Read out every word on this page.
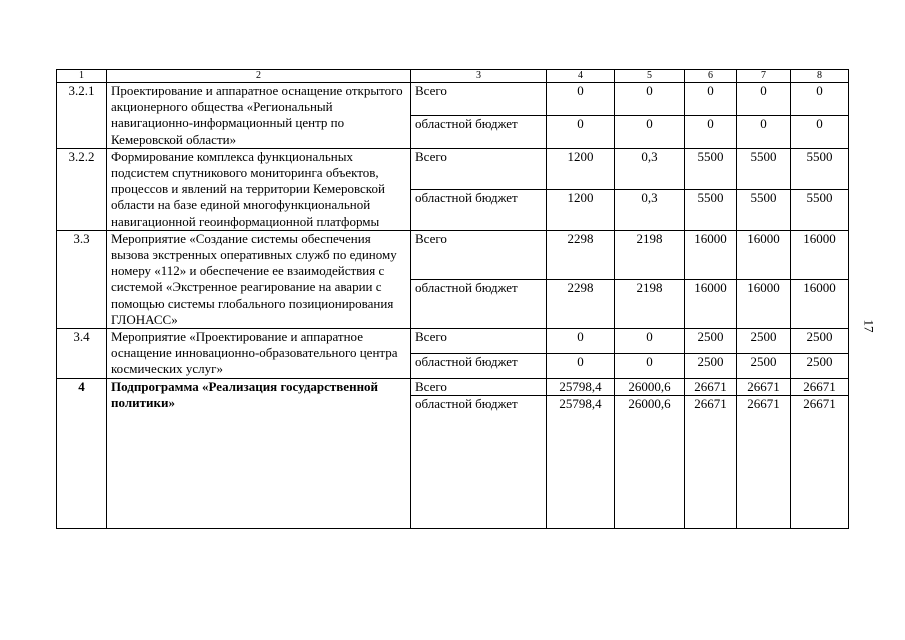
17
1	2	3	4	5	6	7	8
3.2.1	Проектирование и аппаратное оснащение открытого акционерного общества «Региональный навигационно-информационный центр по Кемеровской области»	Всего	0	0	0	0	0
		областной бюджет	0	0	0	0	0
3.2.2	Формирование комплекса функциональных подсистем спутникового мониторинга объектов, процессов и явлений на территории Кемеровской области на базе единой многофункциональной навигационной геоинформационной платформы	Всего	1200	0,3	5500	5500	5500
		областной бюджет	1200	0,3	5500	5500	5500
3.3	Мероприятие «Создание системы обеспечения вызова экстренных оперативных служб по единому номеру «112» и обеспечение ее взаимодействия с системой «Экстренное реагирование на аварии с помощью системы глобального позиционирования ГЛОНАСС»	Всего	2298	2198	16000	16000	16000
		областной бюджет	2298	2198	16000	16000	16000
3.4	Мероприятие «Проектирование и аппаратное оснащение инновационно-образовательного центра космических услуг»	Всего	0	0	2500	2500	2500
		областной бюджет	0	0	2500	2500	2500
4	Подпрограмма «Реализация государственной политики»	Всего	25798,4	26000,6	26671	26671	26671
		областной бюджет	25798,4	26000,6	26671	26671	26671
